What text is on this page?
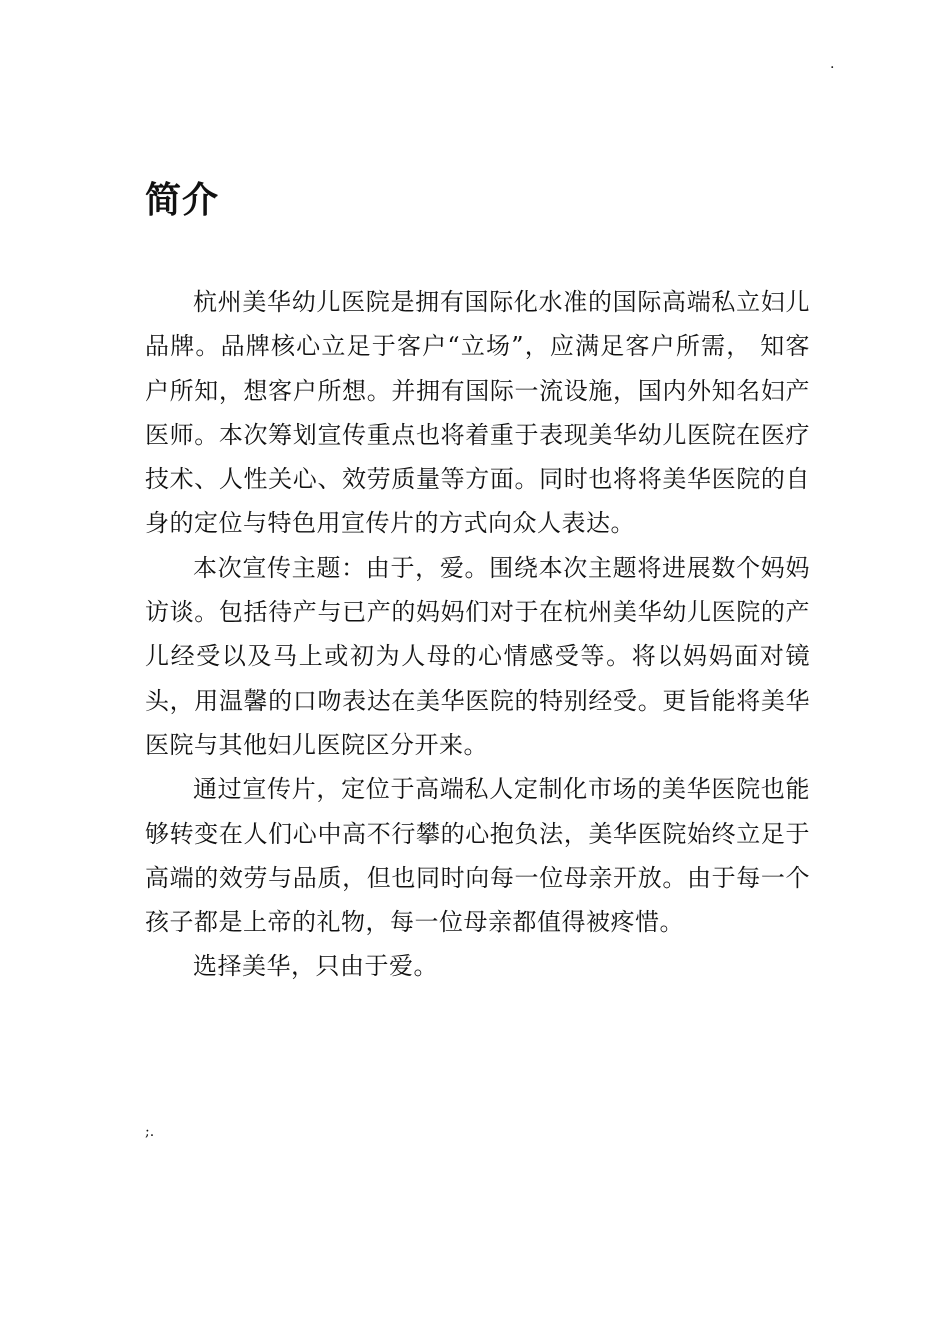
.
简介

杭州美华幼儿医院是拥有国际化水准的国际高端私立妇儿品牌。品牌核心立足于客户“立场”，应满足客户所需， 知客户所知，想客户所想。并拥有国际一流设施，国内外知名妇产医师。本次筹划宣传重点也将着重于表现美华幼儿医院在医疗技术、人性关心、效劳质量等方面。同时也将将美华医院的自身的定位与特色用宣传片的方式向众人表达。

本次宣传主题：由于，爱。围绕本次主题将进展数个妈妈访谈。包括待产与已产的妈妈们对于在杭州美华幼儿医院的产儿经受以及马上或初为人母的心情感受等。将以妈妈面对镜头，用温馨的口吻表达在美华医院的特别经受。更旨能将美华医院与其他妇儿医院区分开来。

通过宣传片，定位于高端私人定制化市场的美华医院也能够转变在人们心中高不行攀的心抱负法，美华医院始终立足于高端的效劳与品质，但也同时向每一位母亲开放。由于每一个孩子都是上帝的礼物，每一位母亲都值得被疼惜。

选择美华，只由于爱。

;.
